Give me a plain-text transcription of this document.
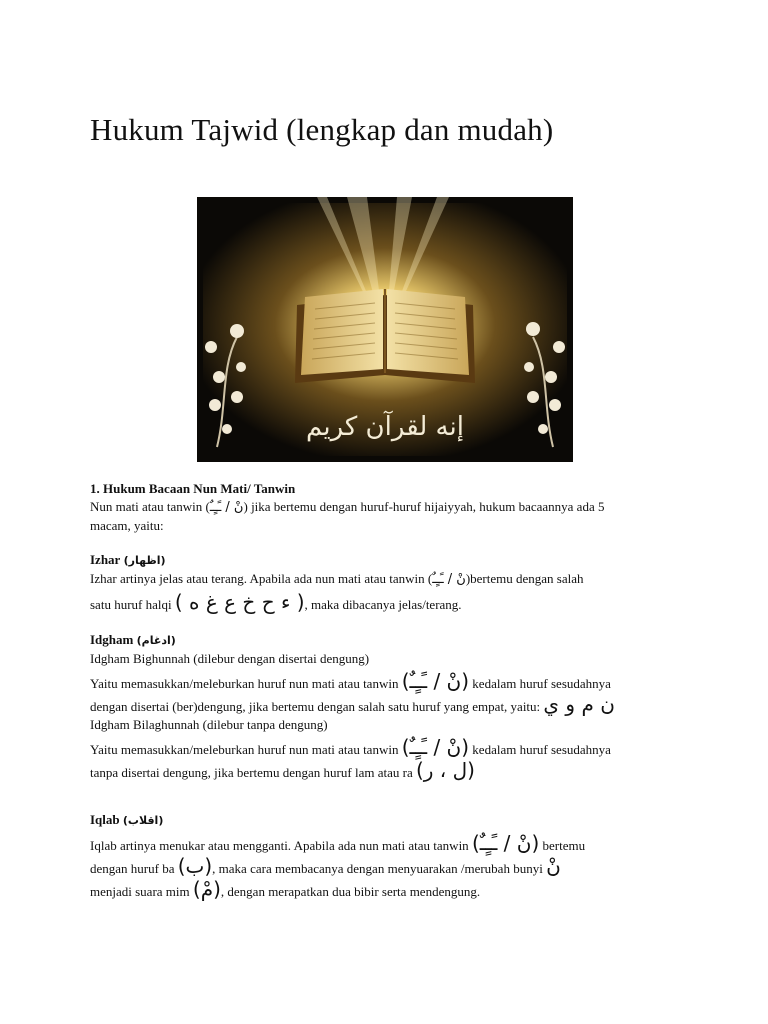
Hukum Tajwid (lengkap dan mudah)
إنه لقرآن كريم

1. Hukum Bacaan Nun Mati/ Tanwin

Nun mati atau tanwin (نْ / ـًـٍـٌ) jika bertemu dengan huruf-huruf hijaiyyah, hukum bacaannya ada 5

macam, yaitu:

Izhar (اظهار)

Izhar artinya jelas atau terang. Apabila ada nun mati atau tanwin (نْ / ـًـٍـٌ)bertemu dengan salah

satu huruf halqi ( ء ح خ ع غ ه ), maka dibacanya jelas/terang.

Idgham (ادغام)

Idgham Bighunnah (dilebur dengan disertai dengung)

Yaitu memasukkan/meleburkan huruf nun mati atau tanwin (نْ / ـًـٍـٌ) kedalam huruf sesudahnya

dengan disertai (ber)dengung, jika bertemu dengan salah satu huruf yang empat, yaitu: ن م و ي

Idgham Bilaghunnah (dilebur tanpa dengung)

Yaitu memasukkan/meleburkan huruf nun mati atau tanwin (نْ / ـًـٍـٌ) kedalam huruf sesudahnya

tanpa disertai dengung, jika bertemu dengan huruf lam atau ra (ل ، ر)

Iqlab (اقلاب)

Iqlab artinya menukar atau mengganti. Apabila ada nun mati atau tanwin (نْ / ـًـٍـٌ) bertemu

dengan huruf ba (ب), maka cara membacanya dengan menyuarakan /merubah bunyi نْ

menjadi suara mim (مْ), dengan merapatkan dua bibir serta mendengung.
